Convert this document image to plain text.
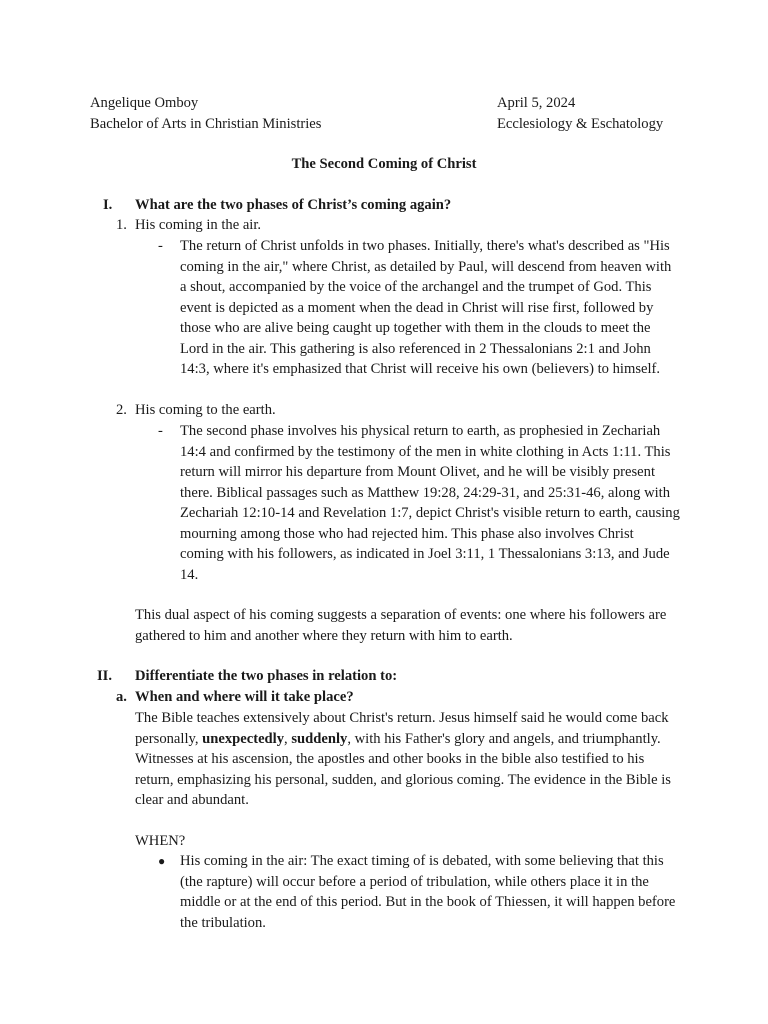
Angelique Omboy
Bachelor of Arts in Christian Ministries
April 5, 2024
Ecclesiology & Eschatology
The Second Coming of Christ
I. What are the two phases of Christ’s coming again?
1. His coming in the air.
- The return of Christ unfolds in two phases. Initially, there's what's described as "His coming in the air," where Christ, as detailed by Paul, will descend from heaven with a shout, accompanied by the voice of the archangel and the trumpet of God. This event is depicted as a moment when the dead in Christ will rise first, followed by those who are alive being caught up together with them in the clouds to meet the Lord in the air. This gathering is also referenced in 2 Thessalonians 2:1 and John 14:3, where it's emphasized that Christ will receive his own (believers) to himself.

2. His coming to the earth.
- The second phase involves his physical return to earth, as prophesied in Zechariah 14:4 and confirmed by the testimony of the men in white clothing in Acts 1:11. This return will mirror his departure from Mount Olivet, and he will be visibly present there. Biblical passages such as Matthew 19:28, 24:29-31, and 25:31-46, along with Zechariah 12:10-14 and Revelation 1:7, depict Christ's visible return to earth, causing mourning among those who had rejected him. This phase also involves Christ coming with his followers, as indicated in Joel 3:11, 1 Thessalonians 3:13, and Jude 14.

This dual aspect of his coming suggests a separation of events: one where his followers are gathered to him and another where they return with him to earth.

II. Differentiate the two phases in relation to:
a. When and where will it take place?

The Bible teaches extensively about Christ's return. Jesus himself said he would come back personally, unexpectedly, suddenly, with his Father's glory and angels, and triumphantly. Witnesses at his ascension, the apostles and other books in the bible also testified to his return, emphasizing his personal, sudden, and glorious coming. The evidence in the Bible is clear and abundant.

WHEN?
● His coming in the air: The exact timing of is debated, with some believing that this (the rapture) will occur before a period of tribulation, while others place it in the middle or at the end of this period. But in the book of Thiessen, it will happen before the tribulation.
